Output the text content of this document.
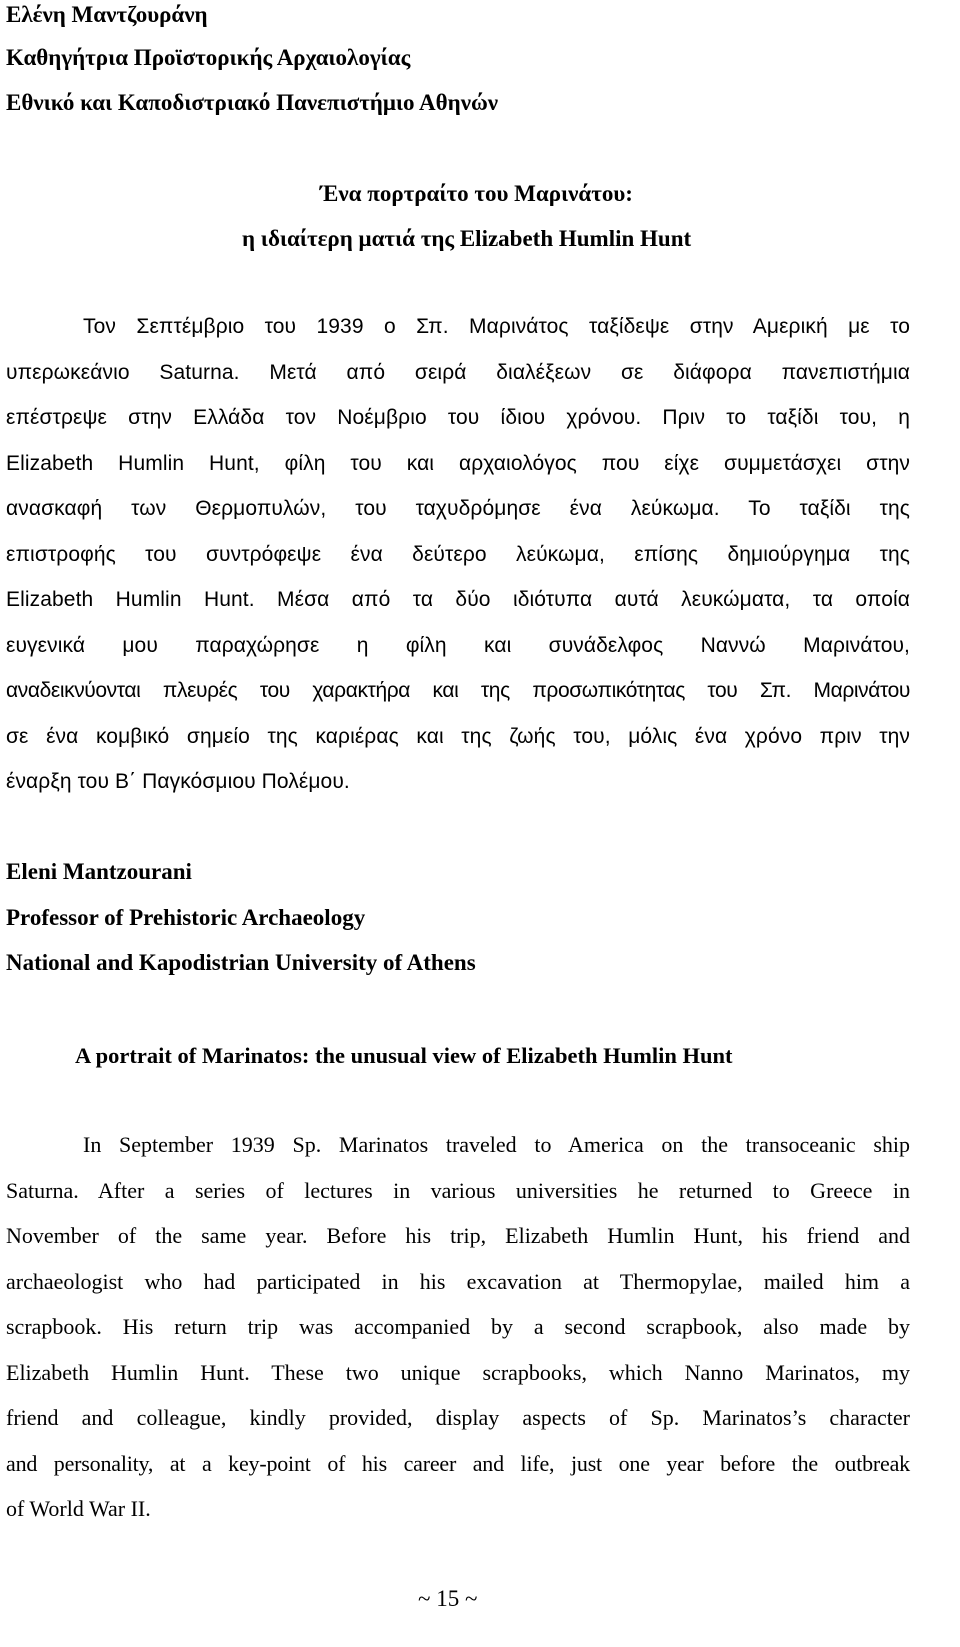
Ελένη Μαντζουράνη
Καθηγήτρια Προϊστορικής Αρχαιολογίας
Εθνικό και Καποδιστριακό Πανεπιστήμιο Αθηνών
Ένα πορτραίτο του Μαρινάτου:
η ιδιαίτερη ματιά της Elizabeth Humlin Hunt
Τον Σεπτέμβριο του 1939 ο Σπ. Μαρινάτος ταξίδεψε στην Αμερική με το
υπερωκεάνιο Saturna. Μετά από σειρά διαλέξεων σε διάφορα πανεπιστήμια
επέστρεψε στην Ελλάδα τον Νοέμβριο του ίδιου χρόνου. Πριν το ταξίδι του, η
Elizabeth Humlin Hunt, φίλη του και αρχαιολόγος που είχε συμμετάσχει στην
ανασκαφή των Θερμοπυλών, του ταχυδρόμησε ένα λεύκωμα. Το ταξίδι της
επιστροφής του συντρόφεψε ένα δεύτερο λεύκωμα, επίσης δημιούργημα της
Elizabeth Humlin Hunt. Μέσα από τα δύο ιδιότυπα αυτά λευκώματα, τα οποία
ευγενικά μου παραχώρησε η φίλη και συνάδελφος Ναννώ Μαρινάτου,
αναδεικνύονται πλευρές του χαρακτήρα και της προσωπικότητας του Σπ. Μαρινάτου
σε ένα κομβικό σημείο της καριέρας και της ζωής του, μόλις ένα χρόνο πριν την
έναρξη του Β΄ Παγκόσμιου Πολέμου.
Eleni Mantzourani
Professor of Prehistoric Archaeology
National and Kapodistrian University of Athens
A portrait of Marinatos: the unusual view of Elizabeth Humlin Hunt
In September 1939 Sp. Marinatos traveled to America on the transoceanic ship
Saturna. After a series of lectures in various universities he returned to Greece in
November of the same year. Before his trip, Elizabeth Humlin Hunt, his friend and
archaeologist who had participated in his excavation at Thermopylae, mailed him a
scrapbook. His return trip was accompanied by a second scrapbook, also made by
Elizabeth Humlin Hunt. These two unique scrapbooks, which Nanno Marinatos, my
friend and colleague, kindly provided, display aspects of Sp. Marinatos’s character
and personality, at a key-point of his career and life, just one year before the outbreak
of World War II.
~ 15 ~
